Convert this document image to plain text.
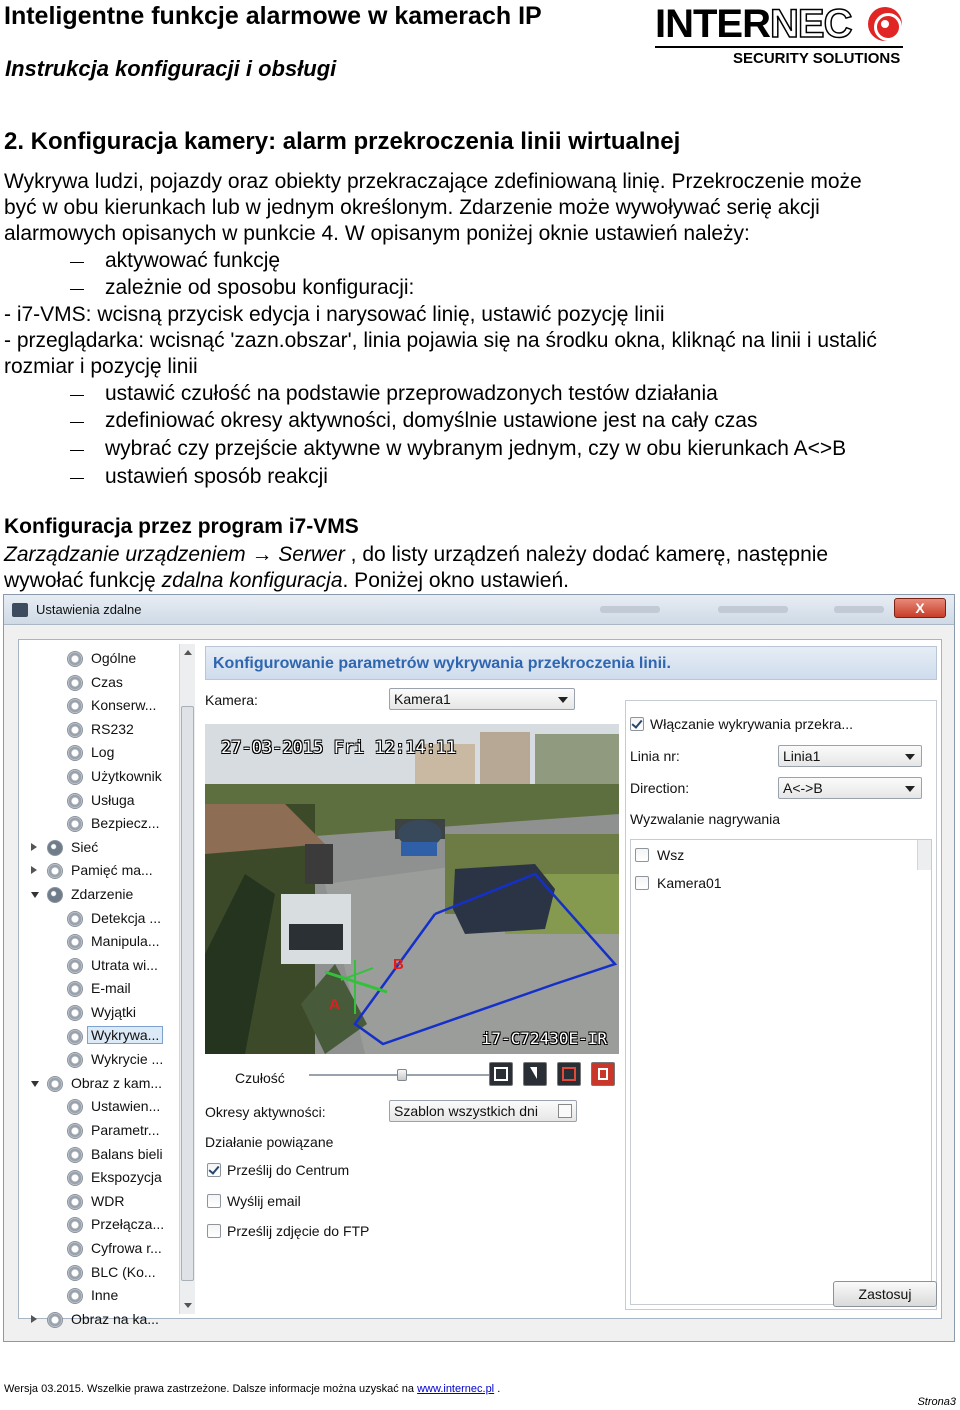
Inteligentne funkcje alarmowe w kamerach IP
Instrukcja konfiguracji i obsługi
INTERNEC
SECURITY SOLUTIONS
2. Konfiguracja kamery: alarm przekroczenia linii wirtualnej
Wykrywa ludzi, pojazdy oraz obiekty przekraczające zdefiniowaną linię. Przekroczenie może
być w obu kierunkach lub w jednym określonym. Zdarzenie może wywoływać serię akcji
alarmowych opisanych w punkcie 4. W opisanym poniżej oknie ustawień należy:
aktywować funkcję
zależnie od sposobu konfiguracji:
- i7-VMS: wcisną przycisk edycja i narysować linię, ustawić pozycję linii
- przeglądarka: wcisnąć 'zazn.obszar', linia pojawia się na środku okna, kliknąć na linii i ustalić
rozmiar i pozycję linii
ustawić czułość na podstawie przeprowadzonych testów działania
zdefiniować okresy aktywności, domyślnie ustawione jest na cały czas
wybrać czy przejście aktywne w wybranym jednym, czy w obu kierunkach A<>B
ustawień sposób reakcji
Konfiguracja przez program i7-VMS
Zarządzanie urządzeniem → Serwer , do listy urządzeń należy dodać kamerę, następnie
wywołać funkcję zdalna konfiguracja. Poniżej okno ustawień.
Ustawienia zdalne	X
Ogólne
Czas
Konserw...
RS232
Log
Użytkownik
Usługa
Bezpiecz...
Sieć
Pamięć ma...
Zdarzenie
Detekcja ...
Manipula...
Utrata wi...
E-mail
Wyjątki
Wykrywa...
Wykrycie ...
Obraz z kam...
Ustawien...
Parametr...
Balans bieli
Ekspozycja
WDR
Przełącza...
Cyfrowa r...
BLC (Ko...
Inne
Obraz na ka...
Konfigurowanie parametrów wykrywania przekroczenia linii.
Kamera:	Kamera1
27-03-2015 Fri 12:14:11
i7-C72430E-IR
A
B
Czułość
Okresy aktywności:	Szablon wszystkich dni
Działanie powiązane
Prześlij do Centrum
Wyślij email
Prześlij zdjęcie do FTP
Włączanie wykrywania przekra...
Linia nr:	Linia1
Direction:	A<->B
Wyzwalanie nagrywania
Wsz
Kamera01
Zastosuj
Wersja 03.2015. Wszelkie prawa zastrzeżone. Dalsze informacje można uzyskać na www.internec.pl .
Strona3
